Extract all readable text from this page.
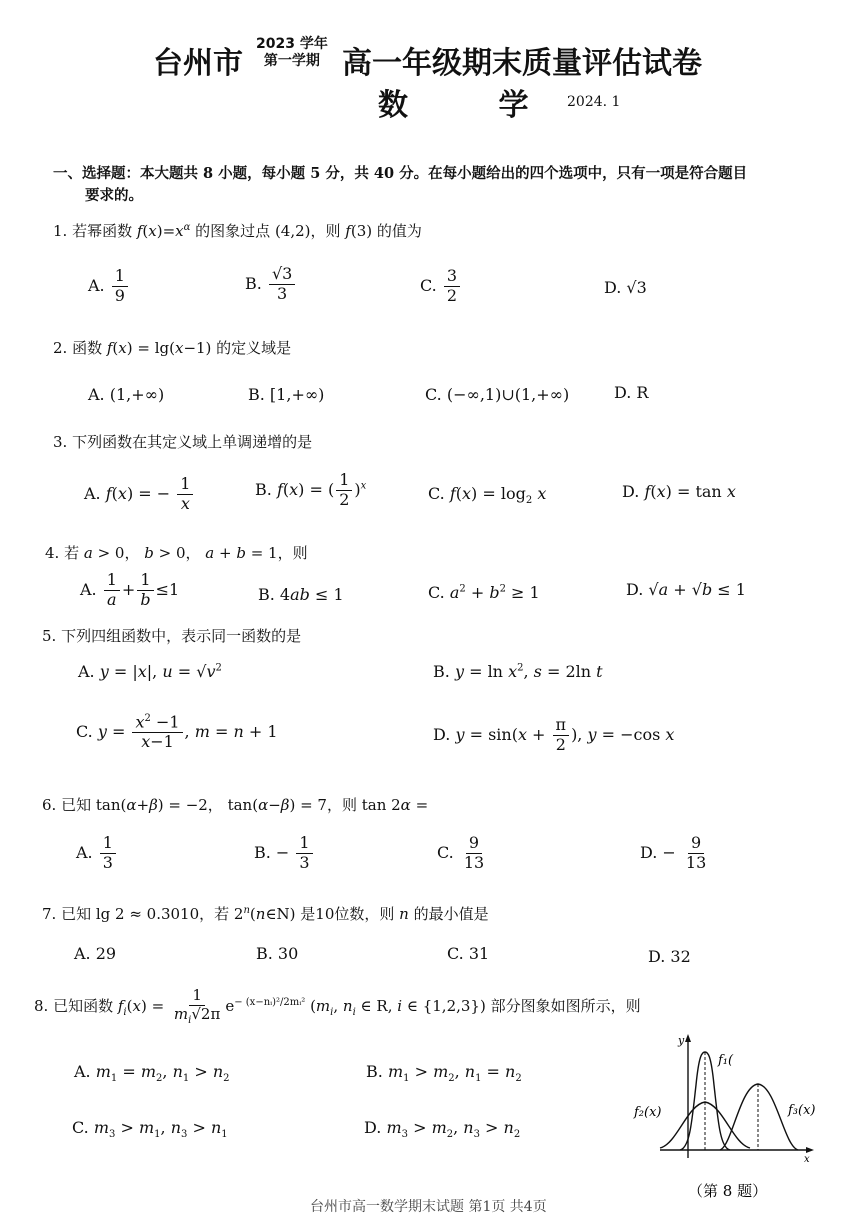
台州市
2023 学年
第一学期 高一年级期末质量评估试卷
数 学
2024. 1
一、选择题：本大题共 8 小题，每小题 5 分，共 40 分。在每小题给出的四个选项中，只有一项是符合题目
要求的。
1. 若幂函数 $f(x)=x^\alpha$ 的图象过点 (4,2)，则 f(3) 的值为
A. $\frac{1}{9}$	B. $\frac{√3}{3}$	C. $\frac{3}{2}$	D. √3
2. 函数 f(x) = lg(x−1) 的定义域是
A. (1,+∞)	B. [1,+∞)	C. (−∞,1)∪(1,+∞)	D. R
3. 下列函数在其定义域上单调递增的是
A. f(x) = − $\frac{1}{x}$	B. f(x) = ( $\frac{1}{2} )^x$	C. $f(x) = \log_2 x$	D. f(x) = tan x
4. 若 a > 0， b > 0， a + b = 1，则
A. $\frac{1}{a} + \frac{1}{b} \le 1$	B. 4ab ≤ 1	C. $a^2 + b^2 \ge 1$	D. √a + √b ≤ 1
5. 下列四组函数中，表示同一函数的是
A. y = |x|, $u = √v^2$	B. $y = \ln x^2$, s = 2ln t
C. $y = \frac{x^2 -1}{x-1}$ , m = n + 1	D. $y = \sin(x + \frac{\pi}{2}$ ), y = −cos x
6. 已知 tan(α+β) = −2， tan(α−β) = 7，则 tan 2α =
A. $\frac{1}{3}$	B. − $\frac{1}{3}$	C. $\frac{9}{13}$	D. − $\frac{9}{13}$
7. 已知 lg 2 ≈ 0.3010，若 2$^n$(n∈N) 是10位数，则 n 的最小值是
A. 29	B. 30	C. 31	D. 32
8. 已知函数 $f_i(x) = \frac{1}{m_i√2\pi} e^{- (x-nᵢ)^2/2mᵢ^2}$ ($m_i$, $n_i$ ∈ R, i ∈ {1,2,3}) 部分图象如图所示，则
A. $m_1 = m_2$, $n_1 > n_2$	B. $m_1 > m_2$, $n_1 = n_2$
C. $m_3 > m_1$, $n_3 > n_1$	D. $m_3 > m_2$, $n_3 > n_2$
y
x
f₁(
f₂(x)	f₃(x)
（第 8 题）
台州市高一数学期末试题 第1页 共4页
